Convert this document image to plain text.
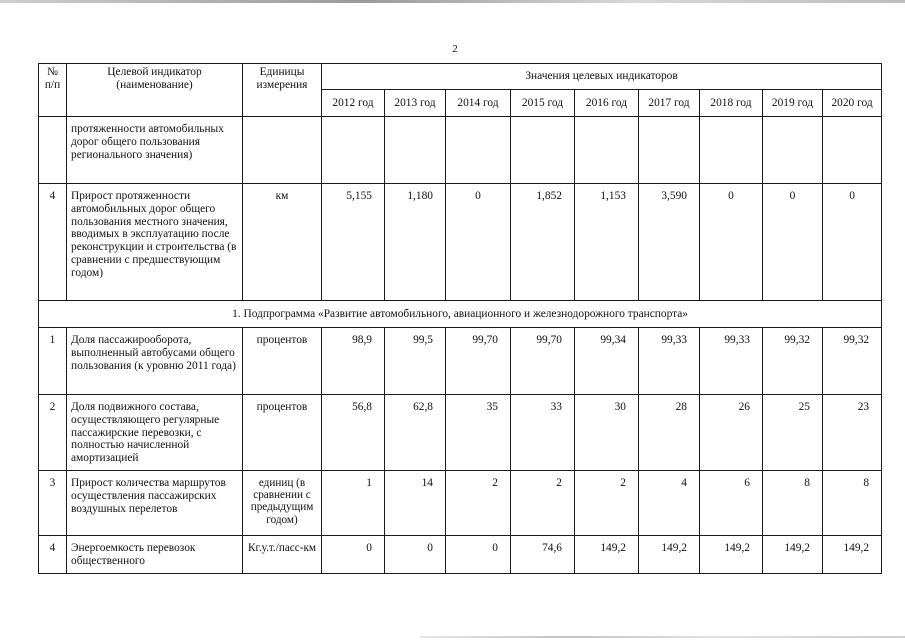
2
№ п/п	Целевой индикатор (наименование)	Единицы измерения	Значения целевых индикаторов								
			2012 год	2013 год	2014 год	2015 год	2016 год	2017 год	2018 год	2019 год	2020 год
	протяженности автомобильных дорог общего пользования регионального значения)										
4	Прирост протяженности автомобильных дорог общего пользования местного значения, вводимых в эксплуатацию после реконструкции и строительства (в сравнении с предшествующим годом)	км	5,155	1,180	0	1,852	1,153	3,590	0	0	0
1. Подпрограмма «Развитие автомобильного, авиационного и железнодорожного транспорта»											
1	Доля пассажирооборота, выполненный автобусами общего пользования (к уровню 2011 года)	процентов	98,9	99,5	99,70	99,70	99,34	99,33	99,33	99,32	99,32
2	Доля подвижного состава, осуществляющего регулярные пассажирские перевозки, с полностью начисленной амортизацией	процентов	56,8	62,8	35	33	30	28	26	25	23
3	Прирост количества маршрутов осуществления пассажирских воздушных перелетов	единиц (в сравнении с предыдущим годом)	1	14	2	2	2	4	6	8	8
4	Энергоемкость перевозок общественного	Кг.у.т./пасс-км	0	0	0	74,6	149,2	149,2	149,2	149,2	149,2
